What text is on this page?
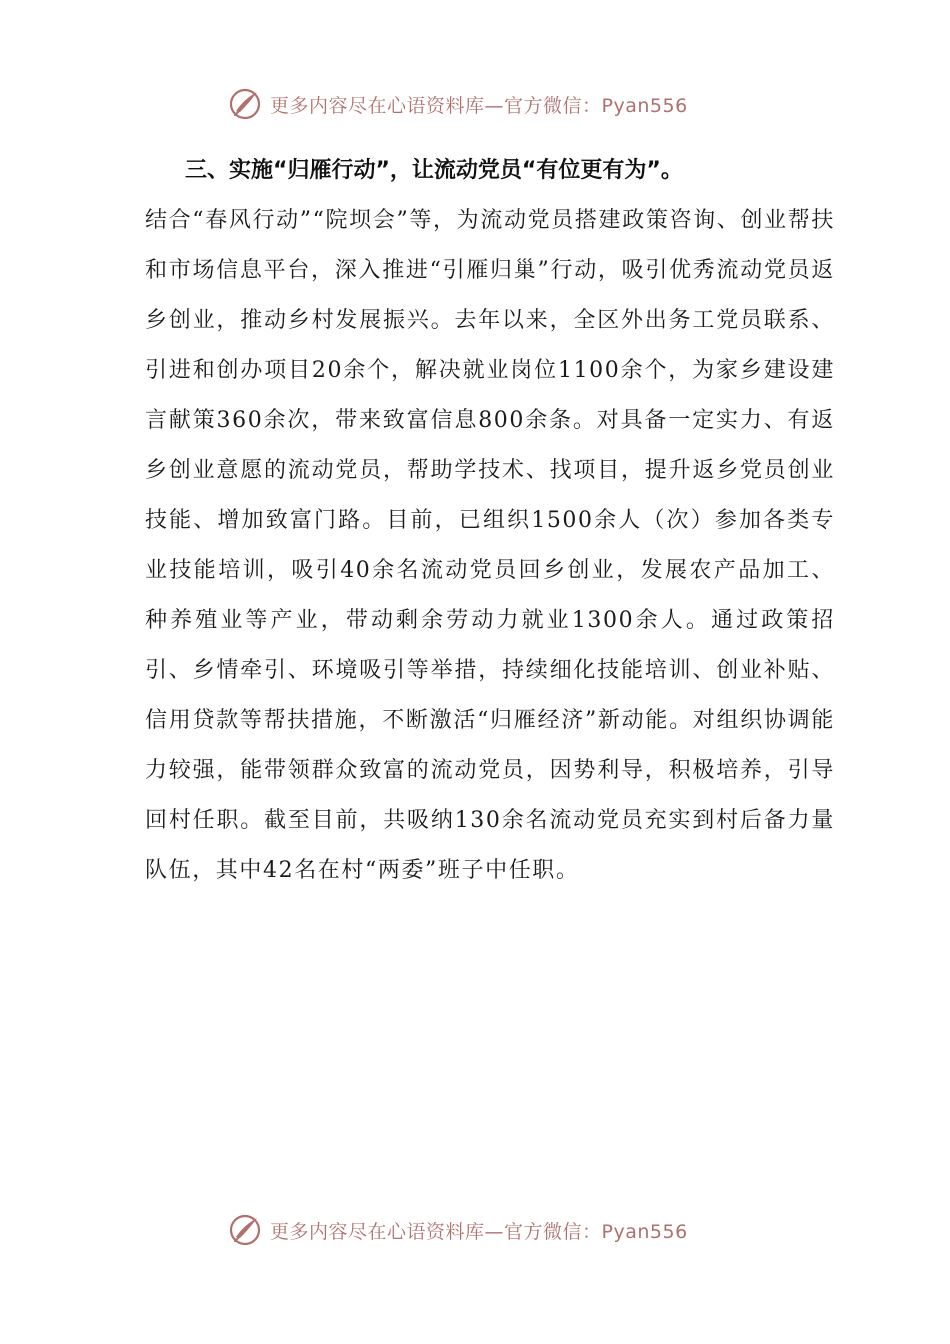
更多内容尽在心语资料库—官方微信：Pyan556

三、实施“归雁行动”，让流动党员“有位更有为”。

结合“春风行动”“院坝会”等，为流动党员搭建政策咨询、创业帮扶和市场信息平台，深入推进“引雁归巢”行动，吸引优秀流动党员返乡创业，推动乡村发展振兴。去年以来，全区外出务工党员联系、引进和创办项目20余个，解决就业岗位1100余个，为家乡建设建言献策360余次，带来致富信息800余条。对具备一定实力、有返乡创业意愿的流动党员，帮助学技术、找项目，提升返乡党员创业技能、增加致富门路。目前，已组织1500余人（次）参加各类专业技能培训，吸引40余名流动党员回乡创业，发展农产品加工、种养殖业等产业，带动剩余劳动力就业1300余人。通过政策招引、乡情牵引、环境吸引等举措，持续细化技能培训、创业补贴、信用贷款等帮扶措施，不断激活“归雁经济”新动能。对组织协调能力较强，能带领群众致富的流动党员，因势利导，积极培养，引导回村任职。截至目前，共吸纳130余名流动党员充实到村后备力量队伍，其中42名在村“两委”班子中任职。

更多内容尽在心语资料库—官方微信：Pyan556
